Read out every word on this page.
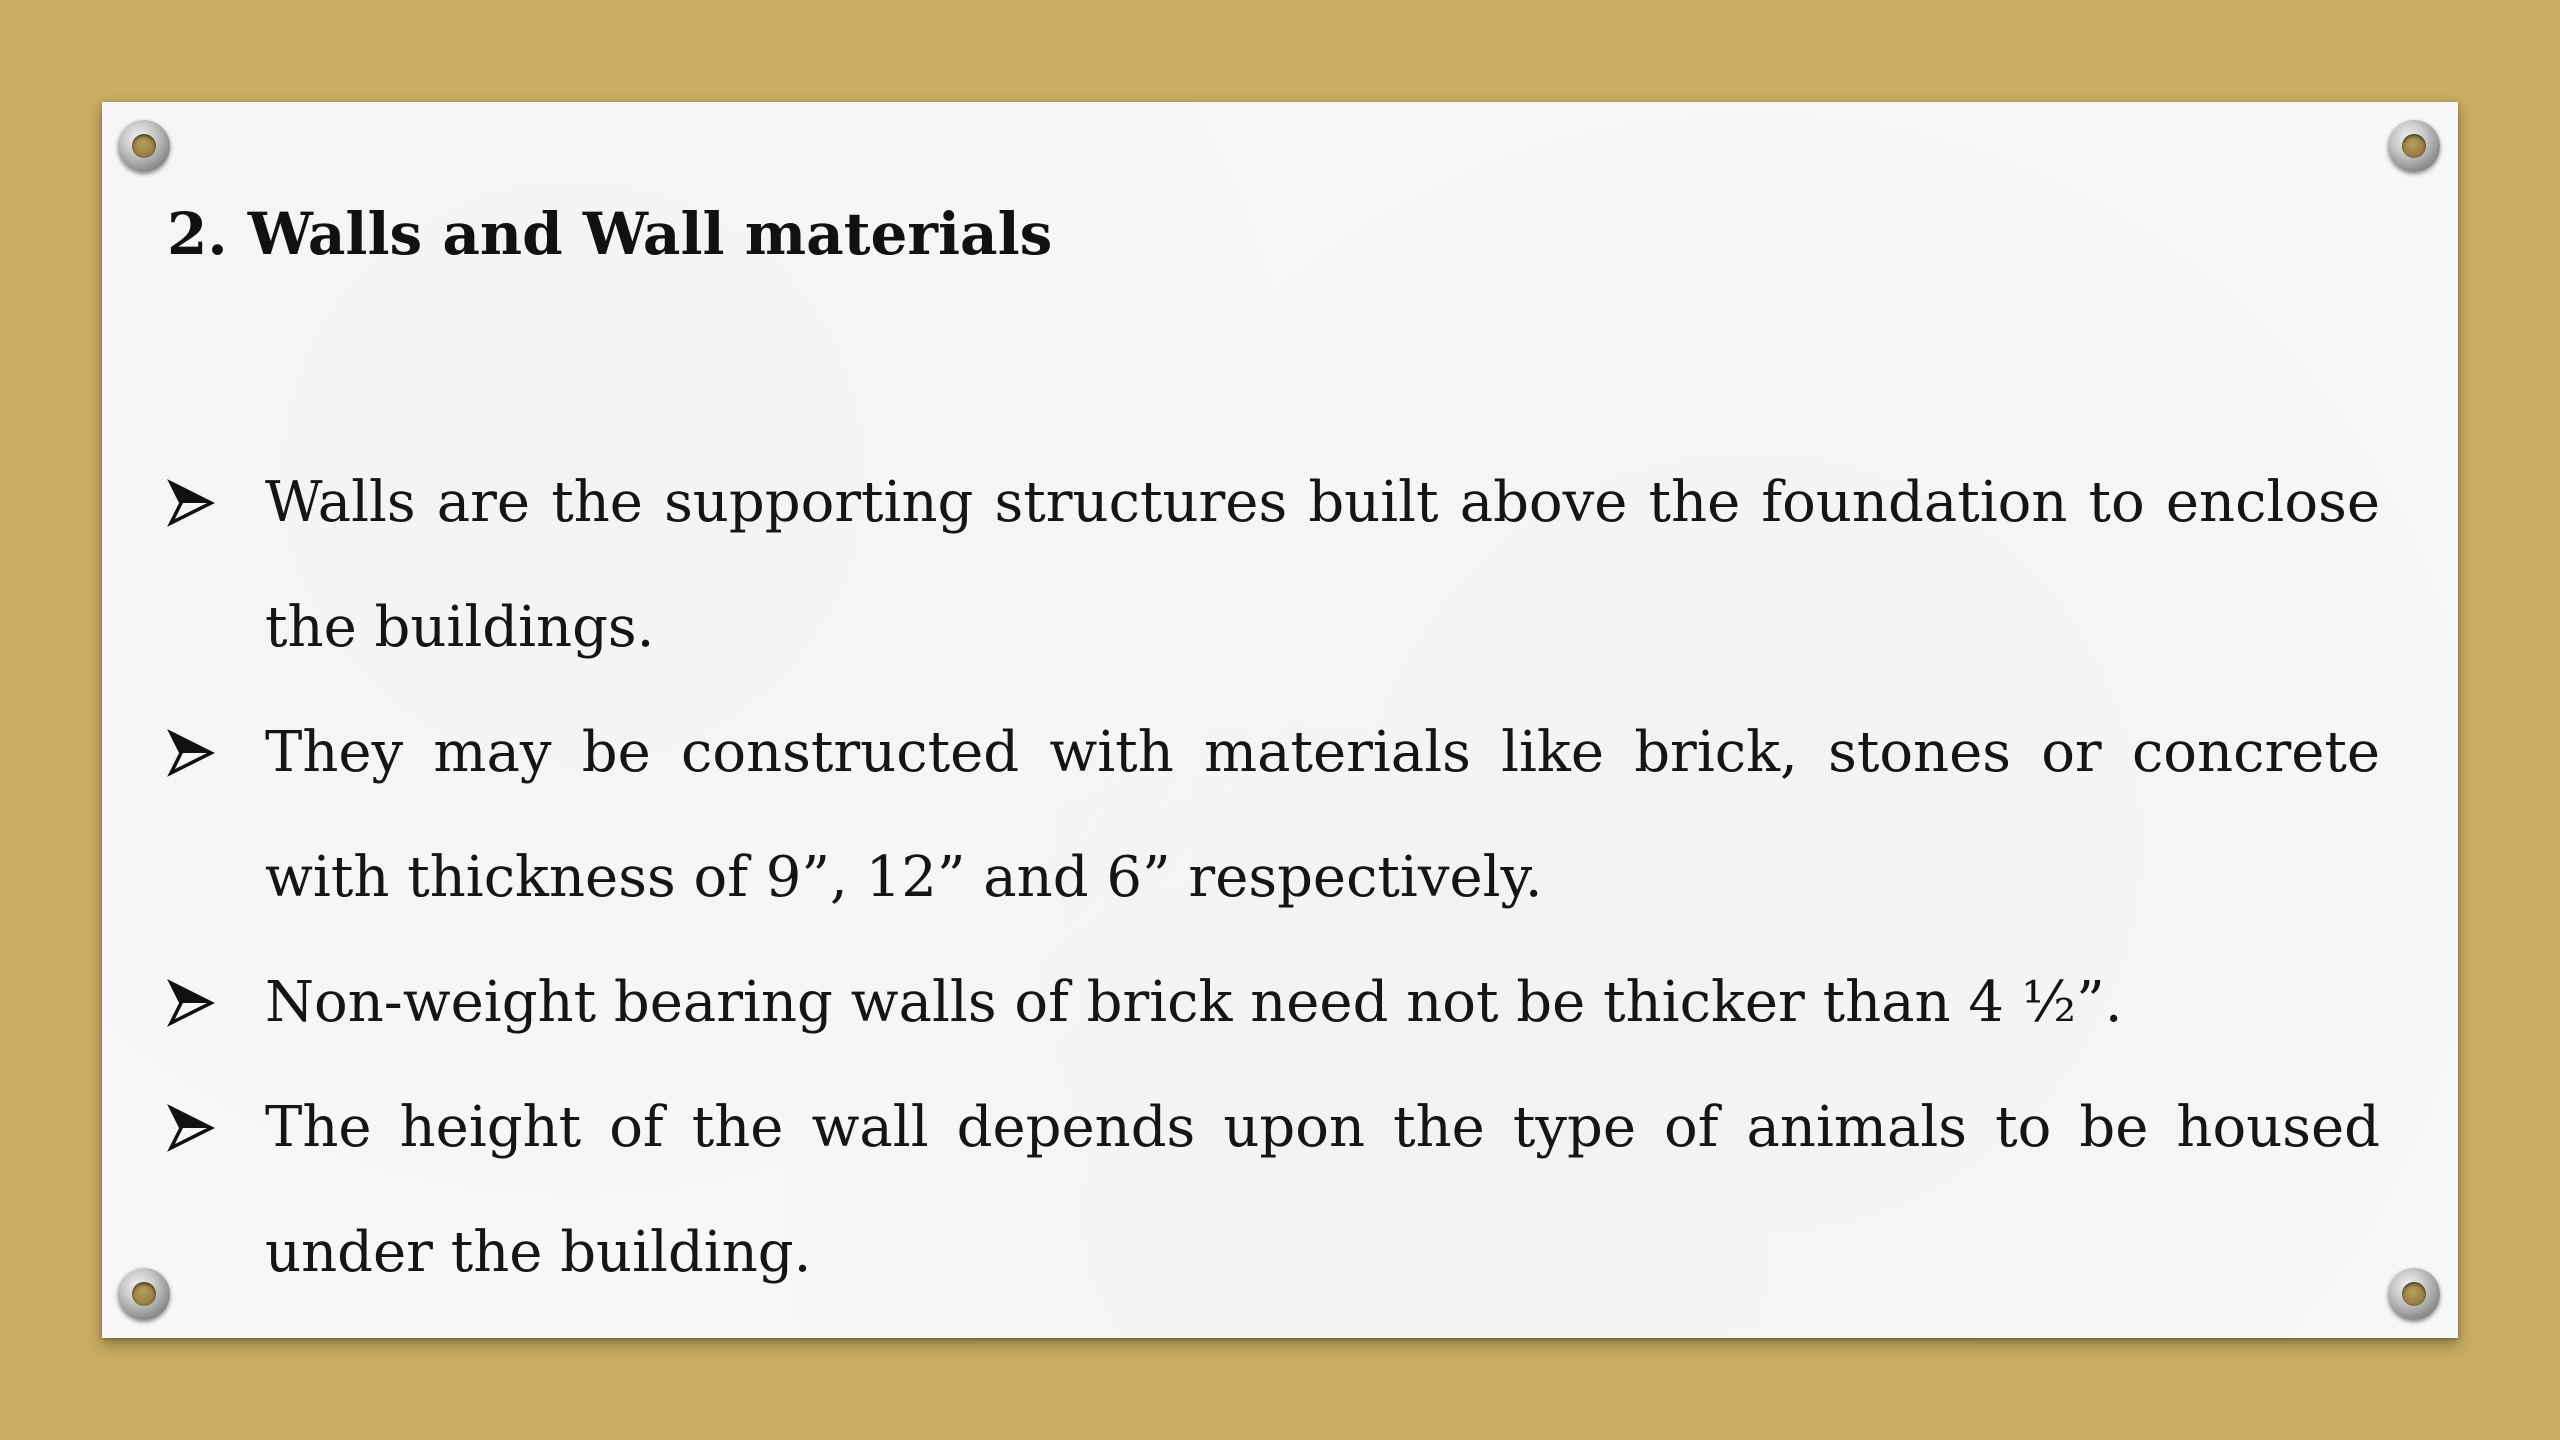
2. Walls and Wall materials
Walls are the supporting structures built above the foundation to enclose the buildings.
They may be constructed with materials like brick, stones or concrete with thickness of 9”, 12” and 6” respectively.
Non-weight bearing walls of brick need not be thicker than 4 ½”.
The height of the wall depends upon the type of animals to be housed under the building.
